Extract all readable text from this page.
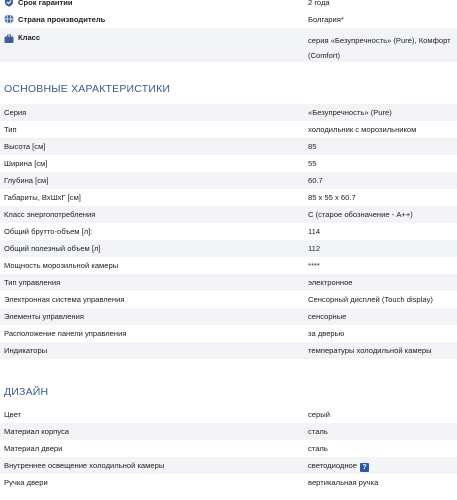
Срок гарантии	2 года
Страна производитель	Болгария*
Класс	серия «Безупречность» (Pure), Комфорт (Comfort)
ОСНОВНЫЕ ХАРАКТЕРИСТИКИ
Серия	«Безупречность» (Pure)
Тип	холодильник с морозильником
Высота [см]	85
Ширина [см]	55
Глубина [см]	60.7
Габариты, ВхШхГ [см]	85 x 55 x 60.7
Класс энергопотребления	С (старое обозначение - А++)
Общий брутто-объем [л]:	114
Общий полезный объем [л]	112
Мощность морозильной камеры	****
Тип управления	электронное
Электронная система управления	Сенсорный дисплей (Touch display)
Элементы управления	сенсорные
Расположение панели управления	за дверью
Индикаторы	температуры холодильной камеры
ДИЗАЙН
Цвет	серый
Материал корпуса	сталь
Материал двери	сталь
Внутреннее освещение холодильной камеры	светодиодное ?
Ручка двери	вертикальная ручка
